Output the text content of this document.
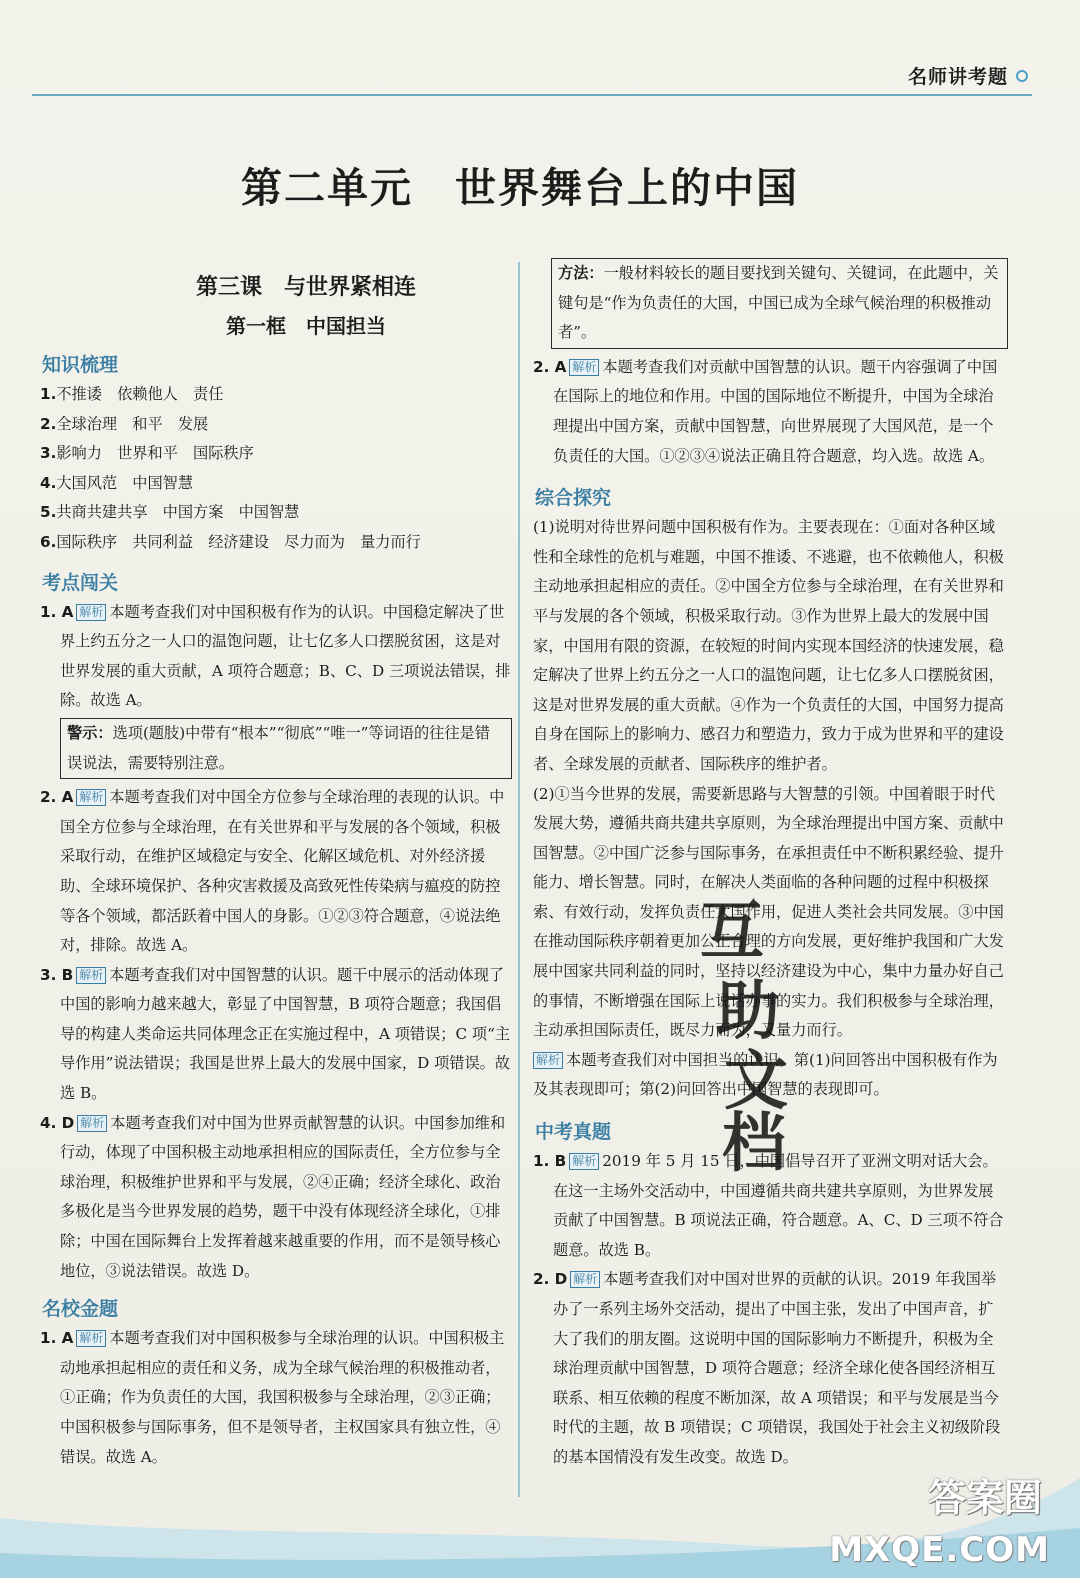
名师讲考题
第二单元 世界舞台上的中国
第三课　与世界紧相连
第一框　中国担当
知识梳理
1.不推诿　依赖他人　责任
2.全球治理　和平　发展
3.影响力　世界和平　国际秩序
4.大国风范　中国智慧
5.共商共建共享　中国方案　中国智慧
6.国际秩序　共同利益　经济建设　尽力而为　量力而行
考点闯关
1. A 解析 本题考查我们对中国积极有作为的认识。中国稳定解决了世界上约五分之一人口的温饱问题，让七亿多人口摆脱贫困，这是对世界发展的重大贡献，A 项符合题意；B、C、D 三项说法错误，排除。故选 A。
警示：选项(题肢)中带有“根本”“彻底”“唯一”等词语的往往是错误说法，需要特别注意。
2. A 解析 本题考查我们对中国全方位参与全球治理的表现的认识。中国全方位参与全球治理，在有关世界和平与发展的各个领域，积极采取行动，在维护区域稳定与安全、化解区域危机、对外经济援助、全球环境保护、各种灾害救援及高致死性传染病与瘟疫的防控等各个领域，都活跃着中国人的身影。①②③符合题意，④说法绝对，排除。故选 A。
3. B 解析 本题考查我们对中国智慧的认识。题干中展示的活动体现了中国的影响力越来越大，彰显了中国智慧，B 项符合题意；我国倡导的构建人类命运共同体理念正在实施过程中，A 项错误；C 项“主导作用”说法错误；我国是世界上最大的发展中国家，D 项错误。故选 B。
4. D 解析 本题考查我们对中国为世界贡献智慧的认识。中国参加维和行动，体现了中国积极主动地承担相应的国际责任，全方位参与全球治理，积极维护世界和平与发展，②④正确；经济全球化、政治多极化是当今世界发展的趋势，题干中没有体现经济全球化，①排除；中国在国际舞台上发挥着越来越重要的作用，而不是领导核心地位，③说法错误。故选 D。
名校金题
1. A 解析 本题考查我们对中国积极参与全球治理的认识。中国积极主动地承担起相应的责任和义务，成为全球气候治理的积极推动者，①正确；作为负责任的大国，我国积极参与全球治理，②③正确；中国积极参与国际事务，但不是领导者，主权国家具有独立性，④错误。故选 A。
方法：一般材料较长的题目要找到关键句、关键词，在此题中，关键句是“作为负责任的大国，中国已成为全球气候治理的积极推动者”。
2. A 解析 本题考查我们对贡献中国智慧的认识。题干内容强调了中国在国际上的地位和作用。中国的国际地位不断提升，中国为全球治理提出中国方案，贡献中国智慧，向世界展现了大国风范，是一个负责任的大国。①②③④说法正确且符合题意，均入选。故选 A。
综合探究
(1)说明对待世界问题中国积极有作为。主要表现在：①面对各种区域性和全球性的危机与难题，中国不推诿、不逃避，也不依赖他人，积极主动地承担起相应的责任。②中国全方位参与全球治理，在有关世界和平与发展的各个领域，积极采取行动。③作为世界上最大的发展中国家，中国用有限的资源，在较短的时间内实现本国经济的快速发展，稳定解决了世界上约五分之一人口的温饱问题，让七亿多人口摆脱贫困，这是对世界发展的重大贡献。④作为一个负责任的大国，中国努力提高自身在国际上的影响力、感召力和塑造力，致力于成为世界和平的建设者、全球发展的贡献者、国际秩序的维护者。
(2)①当今世界的发展，需要新思路与大智慧的引领。中国着眼于时代发展大势，遵循共商共建共享原则，为全球治理提出中国方案、贡献中国智慧。②中国广泛参与国际事务，在承担责任中不断积累经验、提升能力、增长智慧。同时，在解决人类面临的各种问题的过程中积极探索、有效行动，发挥负责任大国作用，促进人类社会共同发展。③中国在推动国际秩序朝着更加公正合理的方向发展，更好维护我国和广大发展中国家共同利益的同时，坚持以经济建设为中心，集中力量办好自己的事情，不断增强在国际上说话办事的实力。我们积极参与全球治理，主动承担国际责任，既尽力而为，又量力而行。
解析 本题考查我们对中国担当的认识。第(1)问回答出中国积极有作为及其表现即可；第(2)问回答出中国智慧的表现即可。
中考真题
1. B 解析 2019 年 5 月 15 日，中国倡导召开了亚洲文明对话大会。在这一主场外交活动中，中国遵循共商共建共享原则，为世界发展贡献了中国智慧。B 项说法正确，符合题意。A、C、D 三项不符合题意。故选 B。
2. D 解析 本题考查我们对中国对世界的贡献的认识。2019 年我国举办了一系列主场外交活动，提出了中国主张，发出了中国声音，扩大了我们的朋友圈。这说明中国的国际影响力不断提升，积极为全球治理贡献中国智慧，D 项符合题意；经济全球化使各国经济相互联系、相互依赖的程度不断加深，故 A 项错误；和平与发展是当今时代的主题，故 B 项错误；C 项错误，我国处于社会主义初级阶段的基本国情没有发生改变。故选 D。
互
助
文
档
答案圈
MXQE.COM
